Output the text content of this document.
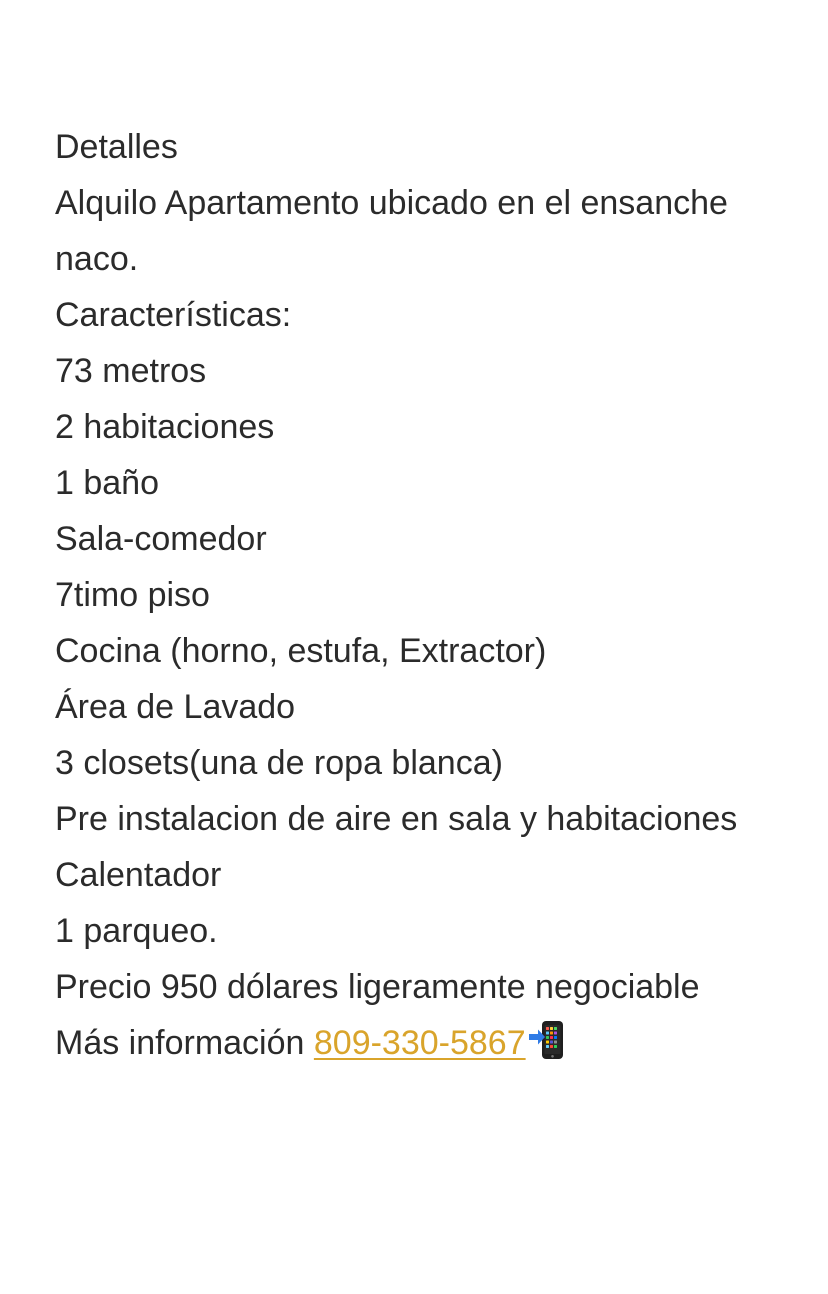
Detalles
Alquilo Apartamento ubicado en el ensanche naco.
Características:
73 metros
2 habitaciones
1 baño
Sala-comedor
7timo piso
Cocina (horno, estufa, Extractor)
Área de Lavado
3 closets(una de ropa blanca)
Pre instalacion de aire en sala y habitaciones
Calentador
1 parqueo.
Precio 950 dólares ligeramente negociable
Más información 809-330-5867
